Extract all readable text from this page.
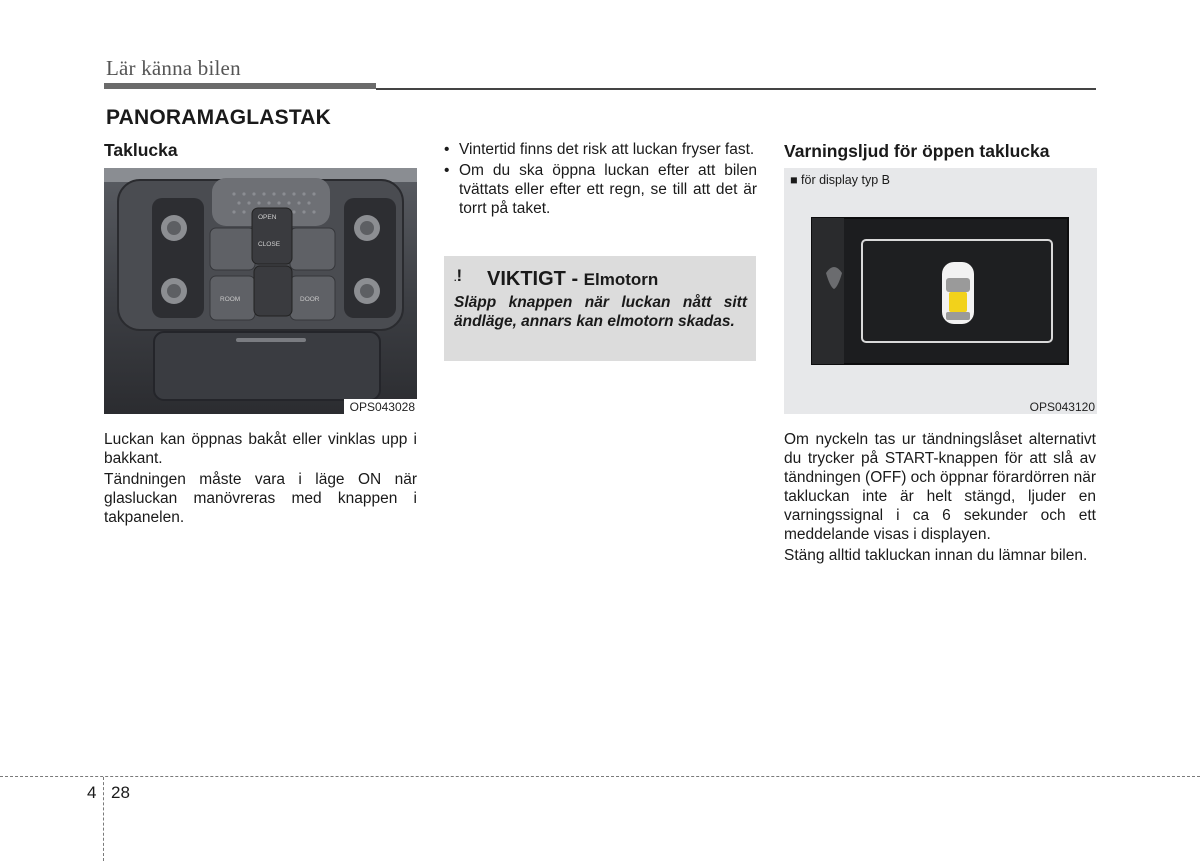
Lär känna bilen
PANORAMAGLASTAK
Taklucka
OPEN
CLOSE
ROOM	DOOR
OPS043028
Luckan kan öppnas bakåt eller vinklas upp i bakkant.
Tändningen måste vara i läge ON när glasluckan manövreras med knappen i takpanelen.
• Vintertid finns det risk att luckan fryser fast.
• Om du ska öppna luckan efter att bilen tvättats eller efter ett regn, se till att det är torrt på taket.
.! VIKTIGT - Elmotorn
Släpp knappen när luckan nått sitt ändläge, annars kan elmotorn skadas.
Varningsljud för öppen taklucka
■ för display typ B
OPS043120
Om nyckeln tas ur tändningslåset alternativt du trycker på START-knappen för att slå av tändningen (OFF) och öppnar förardörren när takluckan inte är helt stängd, ljuder en varningssignal i ca 6 sekunder och ett meddelande visas i displayen.
Stäng alltid takluckan innan du lämnar bilen.
4 28
